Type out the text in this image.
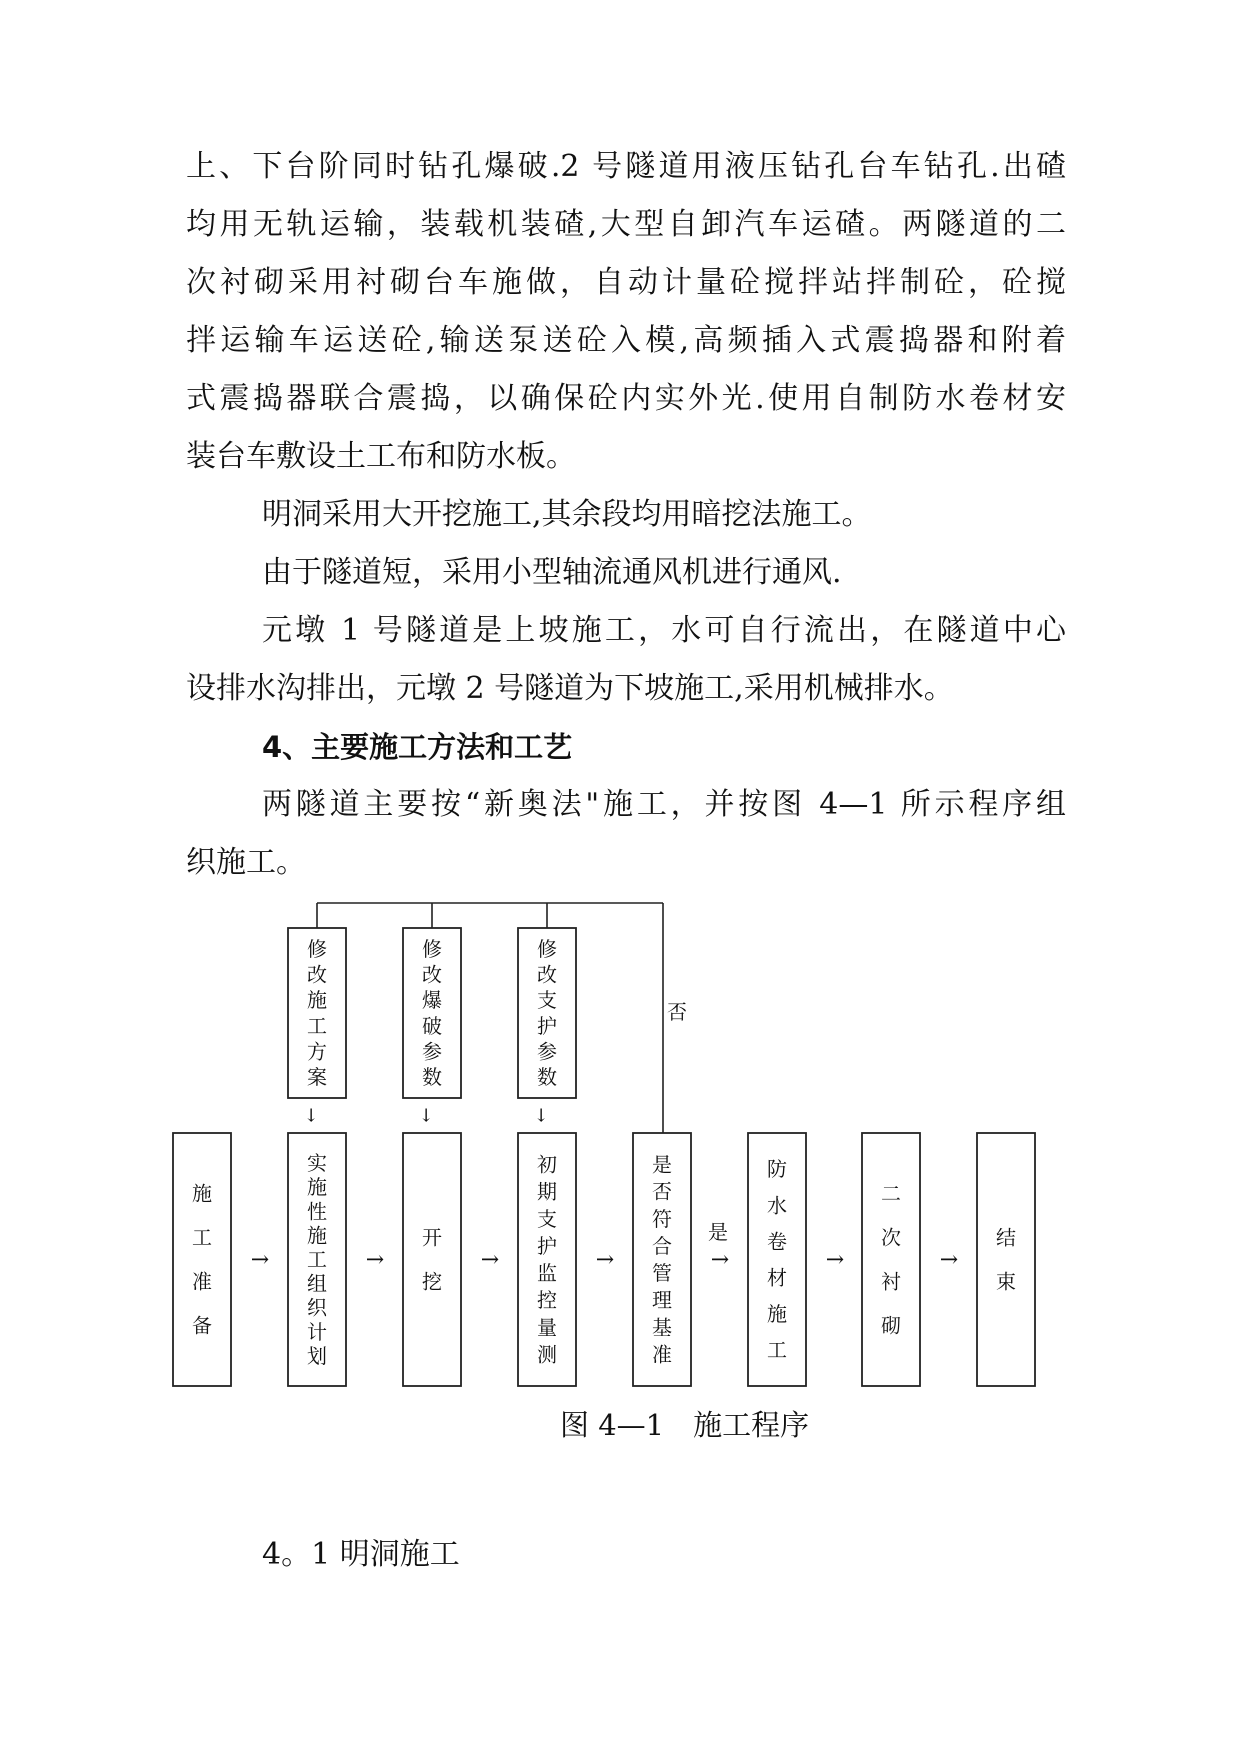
上、下台阶同时钻孔爆破.2 号隧道用液压钻孔台车钻孔.出碴
均用无轨运输，装载机装碴,大型自卸汽车运碴。两隧道的二
次衬砌采用衬砌台车施做，自动计量砼搅拌站拌制砼，砼搅
拌运输车运送砼,输送泵送砼入模,高频插入式震捣器和附着
式震捣器联合震捣，以确保砼内实外光.使用自制防水卷材安
装台车敷设土工布和防水板。
明洞采用大开挖施工,其余段均用暗挖法施工。
由于隧道短，采用小型轴流通风机进行通风.
元墩 1 号隧道是上坡施工，水可自行流出，在隧道中心
设排水沟排出，元墩 2 号隧道为下坡施工,采用机械排水。
4、主要施工方法和工艺
两隧道主要按“新奥法"施工，并按图 4—1 所示程序组
织施工。
施
工
准
备
→
实
施
性
施
工
组
织
计
划
→
开
挖
→
初
期
支
护
监
控
量
测
→
是
否
符
合
管
理
基
准
→
防
水
卷
材
施
工
→
二
次
衬
砌
→
结
束
是
修
改
施
工
方
案
↓
修
改
爆
破
参
数
↓
修
改
支
护
参
数
↓
否
图 4—1　施工程序
4。1 明洞施工
